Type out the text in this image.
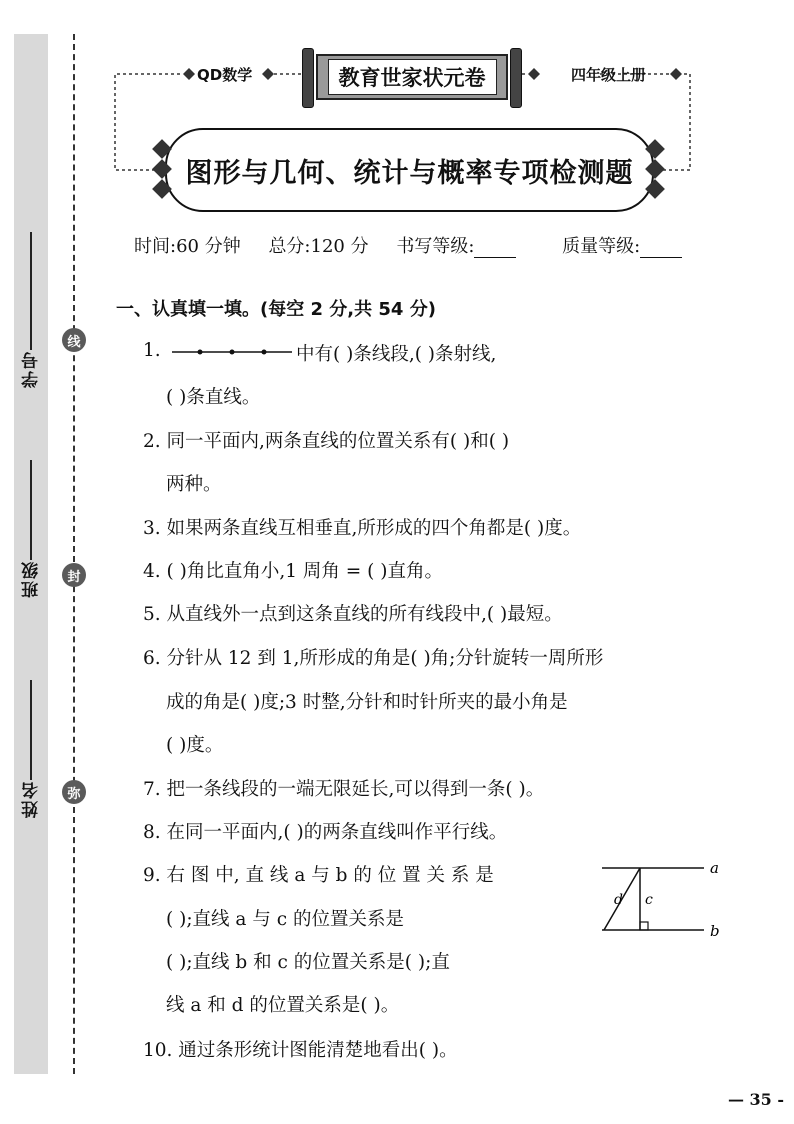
学号
班级
姓名
线
封
弥
QD数学	四年级上册
教育世家状元卷
图形与几何、统计与概率专项检测题
时间:60 分钟 总分:120 分 书写等级:	质量等级:
一、认真填一填。(每空 2 分,共 54 分)
1.	中有( )条线段,( )条射线,
( )条直线。
2. 同一平面内,两条直线的位置关系有( )和( )
两种。
3. 如果两条直线互相垂直,所形成的四个角都是( )度。
4. ( )角比直角小,1 周角 = ( )直角。
5. 从直线外一点到这条直线的所有线段中,( )最短。
6. 分针从 12 到 1,所形成的角是( )角;分针旋转一周所形
成的角是( )度;3 时整,分针和时针所夹的最小角是
( )度。
7. 把一条线段的一端无限延长,可以得到一条( )。
8. 在同一平面内,( )的两条直线叫作平行线。
9. 右 图 中, 直 线 a 与 b 的 位 置 关 系 是
( );直线 a 与 c 的位置关系是
( );直线 b 和 c 的位置关系是( );直
线 a 和 d 的位置关系是( )。
a
b
c
d
10. 通过条形统计图能清楚地看出( )。
— 35 -
